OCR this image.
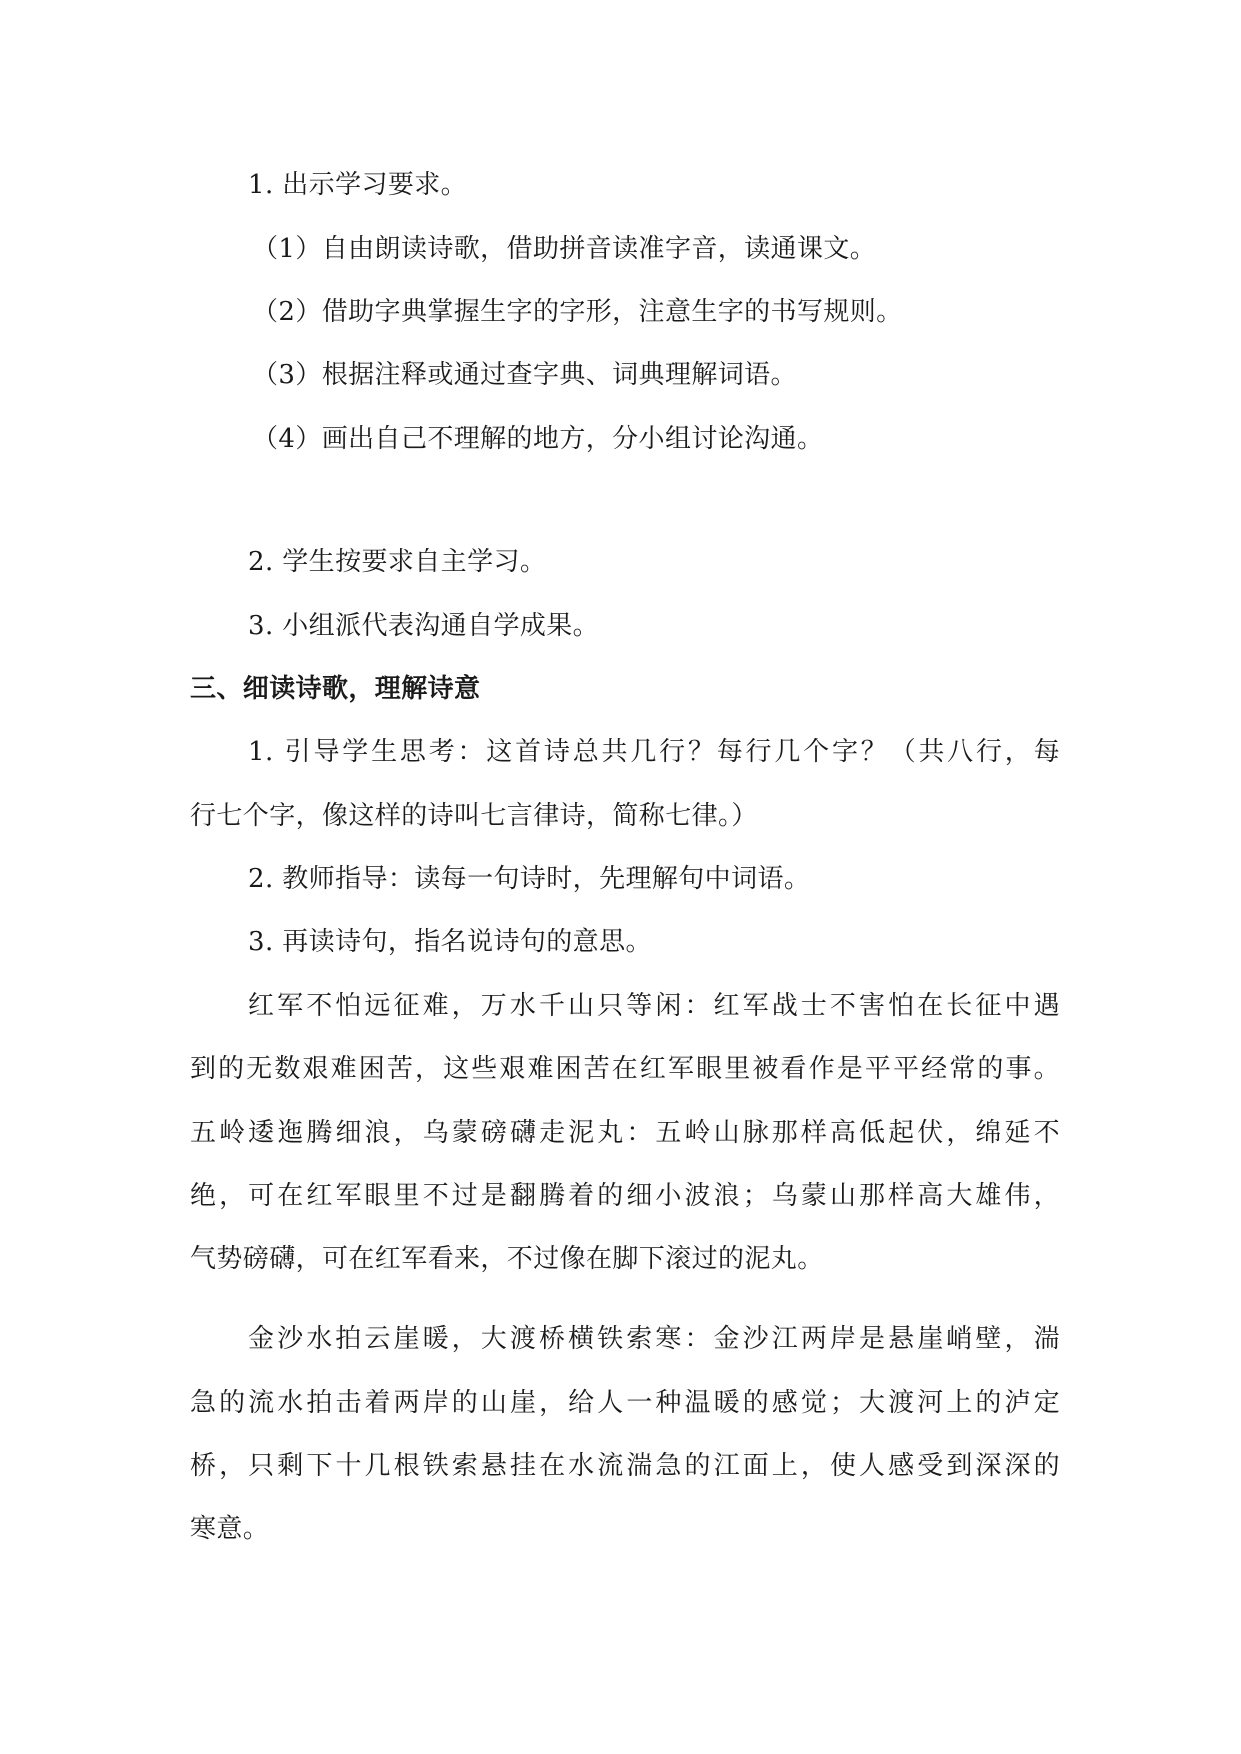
1. 出示学习要求。
（1）自由朗读诗歌，借助拼音读准字音，读通课文。
（2）借助字典掌握生字的字形，注意生字的书写规则。
（3）根据注释或通过查字典、词典理解词语。
（4）画出自己不理解的地方，分小组讨论沟通。
2. 学生按要求自主学习。
3. 小组派代表沟通自学成果。
三、细读诗歌，理解诗意
1. 引导学生思考：这首诗总共几行？每行几个字？（共八行，每
行七个字，像这样的诗叫七言律诗，简称七律。）
2. 教师指导：读每一句诗时，先理解句中词语。
3. 再读诗句，指名说诗句的意思。
红军不怕远征难，万水千山只等闲：红军战士不害怕在长征中遇
到的无数艰难困苦，这些艰难困苦在红军眼里被看作是平平经常的事。
五岭逶迤腾细浪，乌蒙磅礴走泥丸：五岭山脉那样高低起伏，绵延不
绝，可在红军眼里不过是翻腾着的细小波浪；乌蒙山那样高大雄伟，
气势磅礴，可在红军看来，不过像在脚下滚过的泥丸。
金沙水拍云崖暖，大渡桥横铁索寒：金沙江两岸是悬崖峭壁，湍
急的流水拍击着两岸的山崖，给人一种温暖的感觉；大渡河上的泸定
桥，只剩下十几根铁索悬挂在水流湍急的江面上，使人感受到深深的
寒意。
